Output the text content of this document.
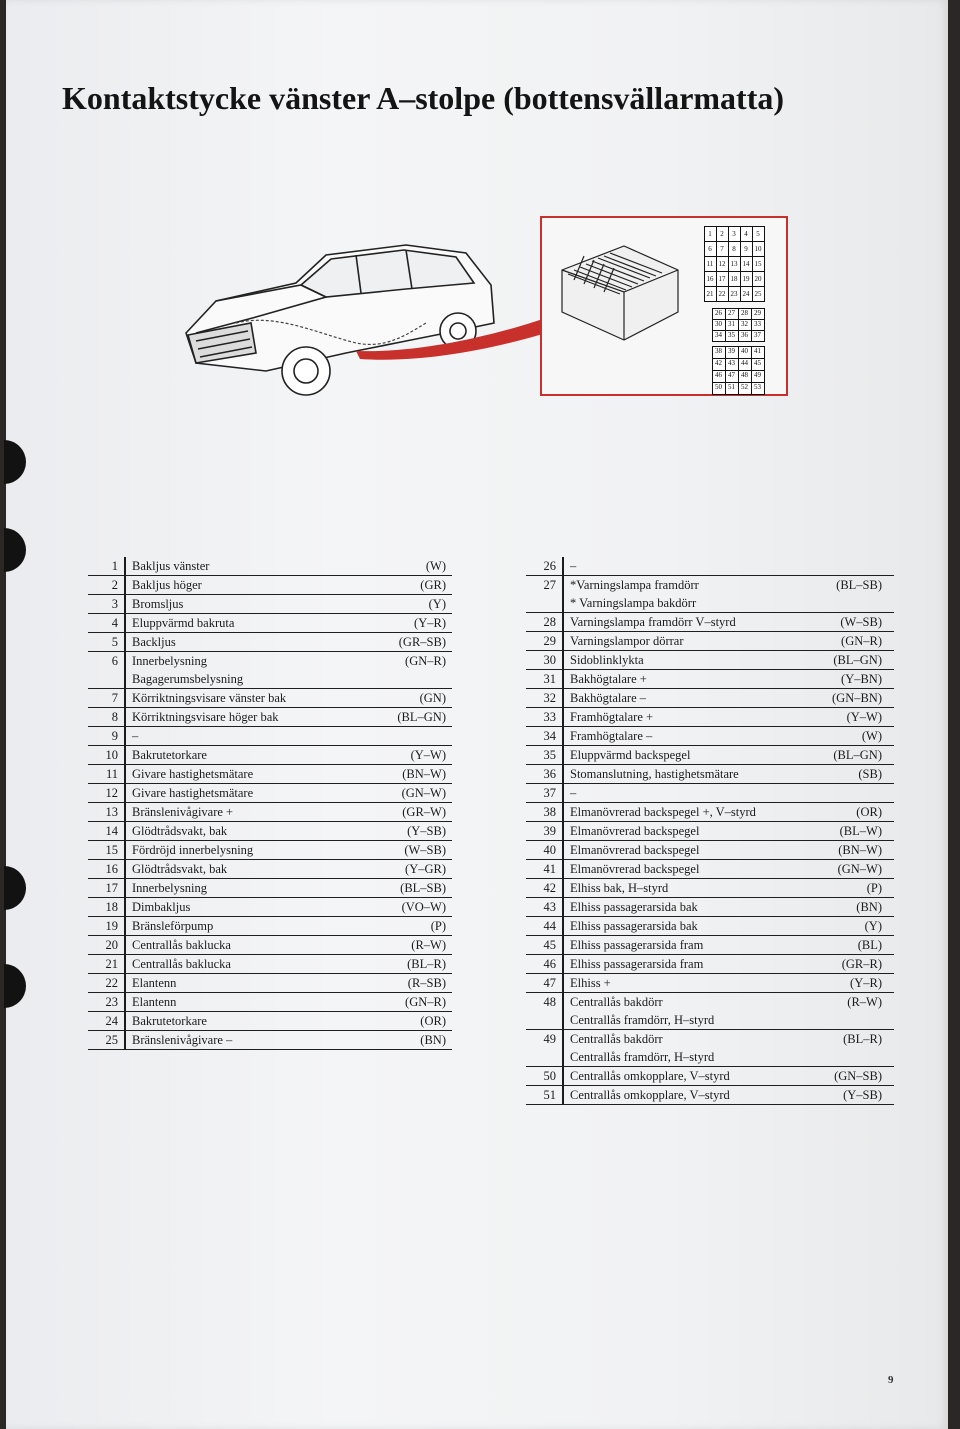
Kontaktstycke vänster A–stolpe (bottensvällarmatta)
1	2	3	4	5
6	7	8	9 10
11 12 13 14 15
16 17 18 19 20
21 22 23 24 25
26 27 28 29
30 31 32 33
34 35 36 37
38 39 40 41
42 43 44 45
46 47 48 49
50 51 52 53
1 Bakljus vänster	(W)
2 Bakljus höger	(GR)
3 Bromsljus	(Y)
4 Eluppvärmd bakruta	(Y–R)
5 Backljus	(GR–SB)
6 Innerbelysning
Bagagerumsbelysning
(GN–R)
7 Körriktningsvisare vänster bak	(GN)
8 Körriktningsvisare höger bak	(BL–GN)
9 –
10 Bakrutetorkare	(Y–W)
11 Givare hastighetsmätare	(BN–W)
12 Givare hastighetsmätare	(GN–W)
13 Bränslenivågivare +	(GR–W)
14 Glödtrådsvakt, bak	(Y–SB)
15 Fördröjd innerbelysning	(W–SB)
16 Glödtrådsvakt, bak	(Y–GR)
17 Innerbelysning	(BL–SB)
18 Dimbakljus	(VO–W)
19 Bränsleförpump	(P)
20 Centrallås baklucka	(R–W)
21 Centrallås baklucka	(BL–R)
22 Elantenn	(R–SB)
23 Elantenn	(GN–R)
24 Bakrutetorkare	(OR)
25 Bränslenivågivare –	(BN)
26 –
27 *Varningslampa framdörr
* Varningslampa bakdörr
(BL–SB)
28 Varningslampa framdörr V–styrd	(W–SB)
29 Varningslampor dörrar	(GN–R)
30 Sidoblinklykta	(BL–GN)
31 Bakhögtalare +	(Y–BN)
32 Bakhögtalare –	(GN–BN)
33 Framhögtalare +	(Y–W)
34 Framhögtalare –	(W)
35 Eluppvärmd backspegel	(BL–GN)
36 Stomanslutning, hastighetsmätare	(SB)
37 –
38 Elmanövrerad backspegel +, V–styrd	(OR)
39 Elmanövrerad backspegel	(BL–W)
40 Elmanövrerad backspegel	(BN–W)
41 Elmanövrerad backspegel	(GN–W)
42 Elhiss bak, H–styrd	(P)
43 Elhiss passagerarsida bak	(BN)
44 Elhiss passagerarsida bak	(Y)
45 Elhiss passagerarsida fram	(BL)
46 Elhiss passagerarsida fram	(GR–R)
47 Elhiss +	(Y–R)
48 Centrallås bakdörr
Centrallås framdörr, H–styrd
(R–W)
49 Centrallås bakdörr
Centrallås framdörr, H–styrd
(BL–R)
50 Centrallås omkopplare, V–styrd	(GN–SB)
51 Centrallås omkopplare, V–styrd	(Y–SB)
9
